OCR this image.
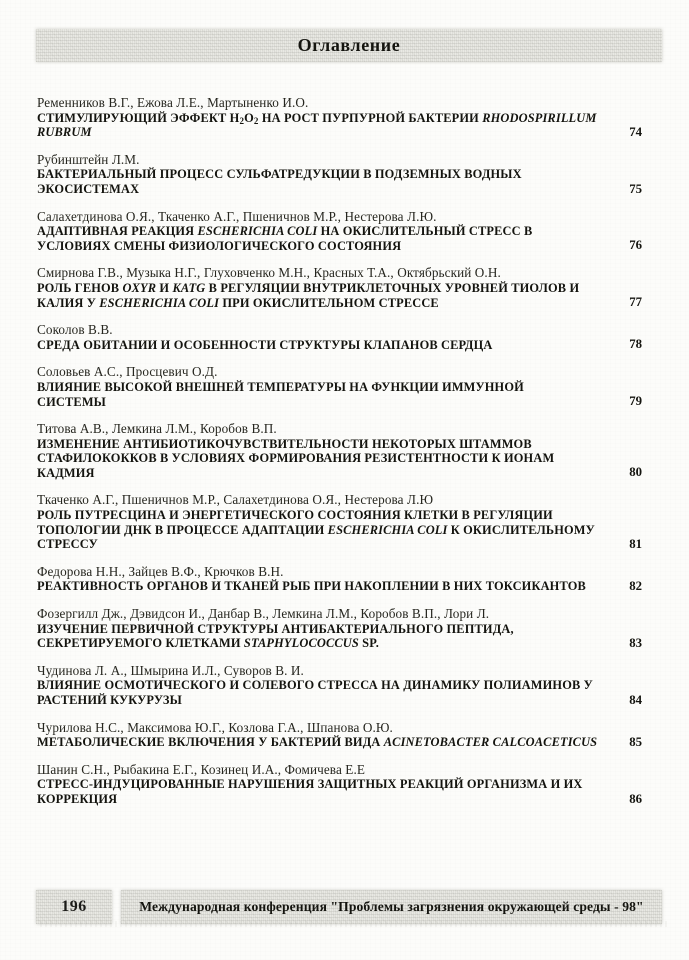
Оглавление
Ременников В.Г., Ежова Л.Е., Мартыненко И.О.
СТИМУЛИРУЮЩИЙ ЭФФЕКТ $H_2O_2$ НА РОСТ ПУРПУРНОЙ БАКТЕРИИ RHODOSPIRILLUM
RUBRUM	74
Рубинштейн Л.М.
БАКТЕРИАЛЬНЫЙ ПРОЦЕСС СУЛЬФАТРЕДУКЦИИ В ПОДЗЕМНЫХ ВОДНЫХ
ЭКОСИСТЕМАХ	75
Салахетдинова О.Я., Ткаченко А.Г., Пшеничнов М.Р., Нестерова Л.Ю.
АДАПТИВНАЯ РЕАКЦИЯ ESCHERICHIA COLI НА ОКИСЛИТЕЛЬНЫЙ СТРЕСС В
УСЛОВИЯХ СМЕНЫ ФИЗИОЛОГИЧЕСКОГО СОСТОЯНИЯ	76
Смирнова Г.В., Музыка Н.Г., Глуховченко М.Н., Красных Т.А., Октябрьский О.Н.
РОЛЬ ГЕНОВ OXYR И KATG В РЕГУЛЯЦИИ ВНУТРИКЛЕТОЧНЫХ УРОВНЕЙ ТИОЛОВ И
КАЛИЯ У ESCHERICHIA COLI ПРИ ОКИСЛИТЕЛЬНОМ СТРЕССЕ	77
Соколов В.В.
СРЕДА ОБИТАНИИ И ОСОБЕННОСТИ СТРУКТУРЫ КЛАПАНОВ СЕРДЦА	78
Соловьев А.С., Просцевич О.Д.
ВЛИЯНИЕ ВЫСОКОЙ ВНЕШНЕЙ ТЕМПЕРАТУРЫ НА ФУНКЦИИ ИММУННОЙ
СИСТЕМЫ	79
Титова А.В., Лемкина Л.М., Коробов В.П.
ИЗМЕНЕНИЕ АНТИБИОТИКОЧУВСТВИТЕЛЬНОСТИ НЕКОТОРЫХ ШТАММОВ
СТАФИЛОКОККОВ В УСЛОВИЯХ ФОРМИРОВАНИЯ РЕЗИСТЕНТНОСТИ К ИОНАМ
КАДМИЯ	80
Ткаченко А.Г., Пшеничнов М.Р., Салахетдинова О.Я., Нестерова Л.Ю
РОЛЬ ПУТРЕСЦИНА И ЭНЕРГЕТИЧЕСКОГО СОСТОЯНИЯ КЛЕТКИ В РЕГУЛЯЦИИ
ТОПОЛОГИИ ДНК В ПРОЦЕССЕ АДАПТАЦИИ ESCHERICHIA COLI К ОКИСЛИТЕЛЬНОМУ
СТРЕССУ	81
Федорова Н.Н., Зайцев В.Ф., Крючков В.Н.
РЕАКТИВНОСТЬ ОРГАНОВ И ТКАНЕЙ РЫБ ПРИ НАКОПЛЕНИИ В НИХ ТОКСИКАНТОВ	82
Фозергилл Дж., Дэвидсон И., Данбар В., Лемкина Л.М., Коробов В.П., Лори Л.
ИЗУЧЕНИЕ ПЕРВИЧНОЙ СТРУКТУРЫ АНТИБАКТЕРИАЛЬНОГО ПЕПТИДА,
СЕКРЕТИРУЕМОГО КЛЕТКАМИ STAPHYLOCOCCUS SP.	83
Чудинова Л. А., Шмырина И.Л., Суворов В. И.
ВЛИЯНИЕ ОСМОТИЧЕСКОГО И СОЛЕВОГО СТРЕССА НА ДИНАМИКУ ПОЛИАМИНОВ У
РАСТЕНИЙ КУКУРУЗЫ	84
Чурилова Н.С., Максимова Ю.Г., Козлова Г.А., Шпанова О.Ю.
МЕТАБОЛИЧЕСКИЕ ВКЛЮЧЕНИЯ У БАКТЕРИЙ ВИДА ACINETOBACTER CALCOACETICUS	85
Шанин С.Н., Рыбакина Е.Г., Козинец И.А., Фомичева Е.Е
СТРЕСС-ИНДУЦИРОВАННЫЕ НАРУШЕНИЯ ЗАЩИТНЫХ РЕАКЦИЙ ОРГАНИЗМА И ИХ
КОРРЕКЦИЯ	86
196	Международная конференция "Проблемы загрязнения окружающей среды - 98"
